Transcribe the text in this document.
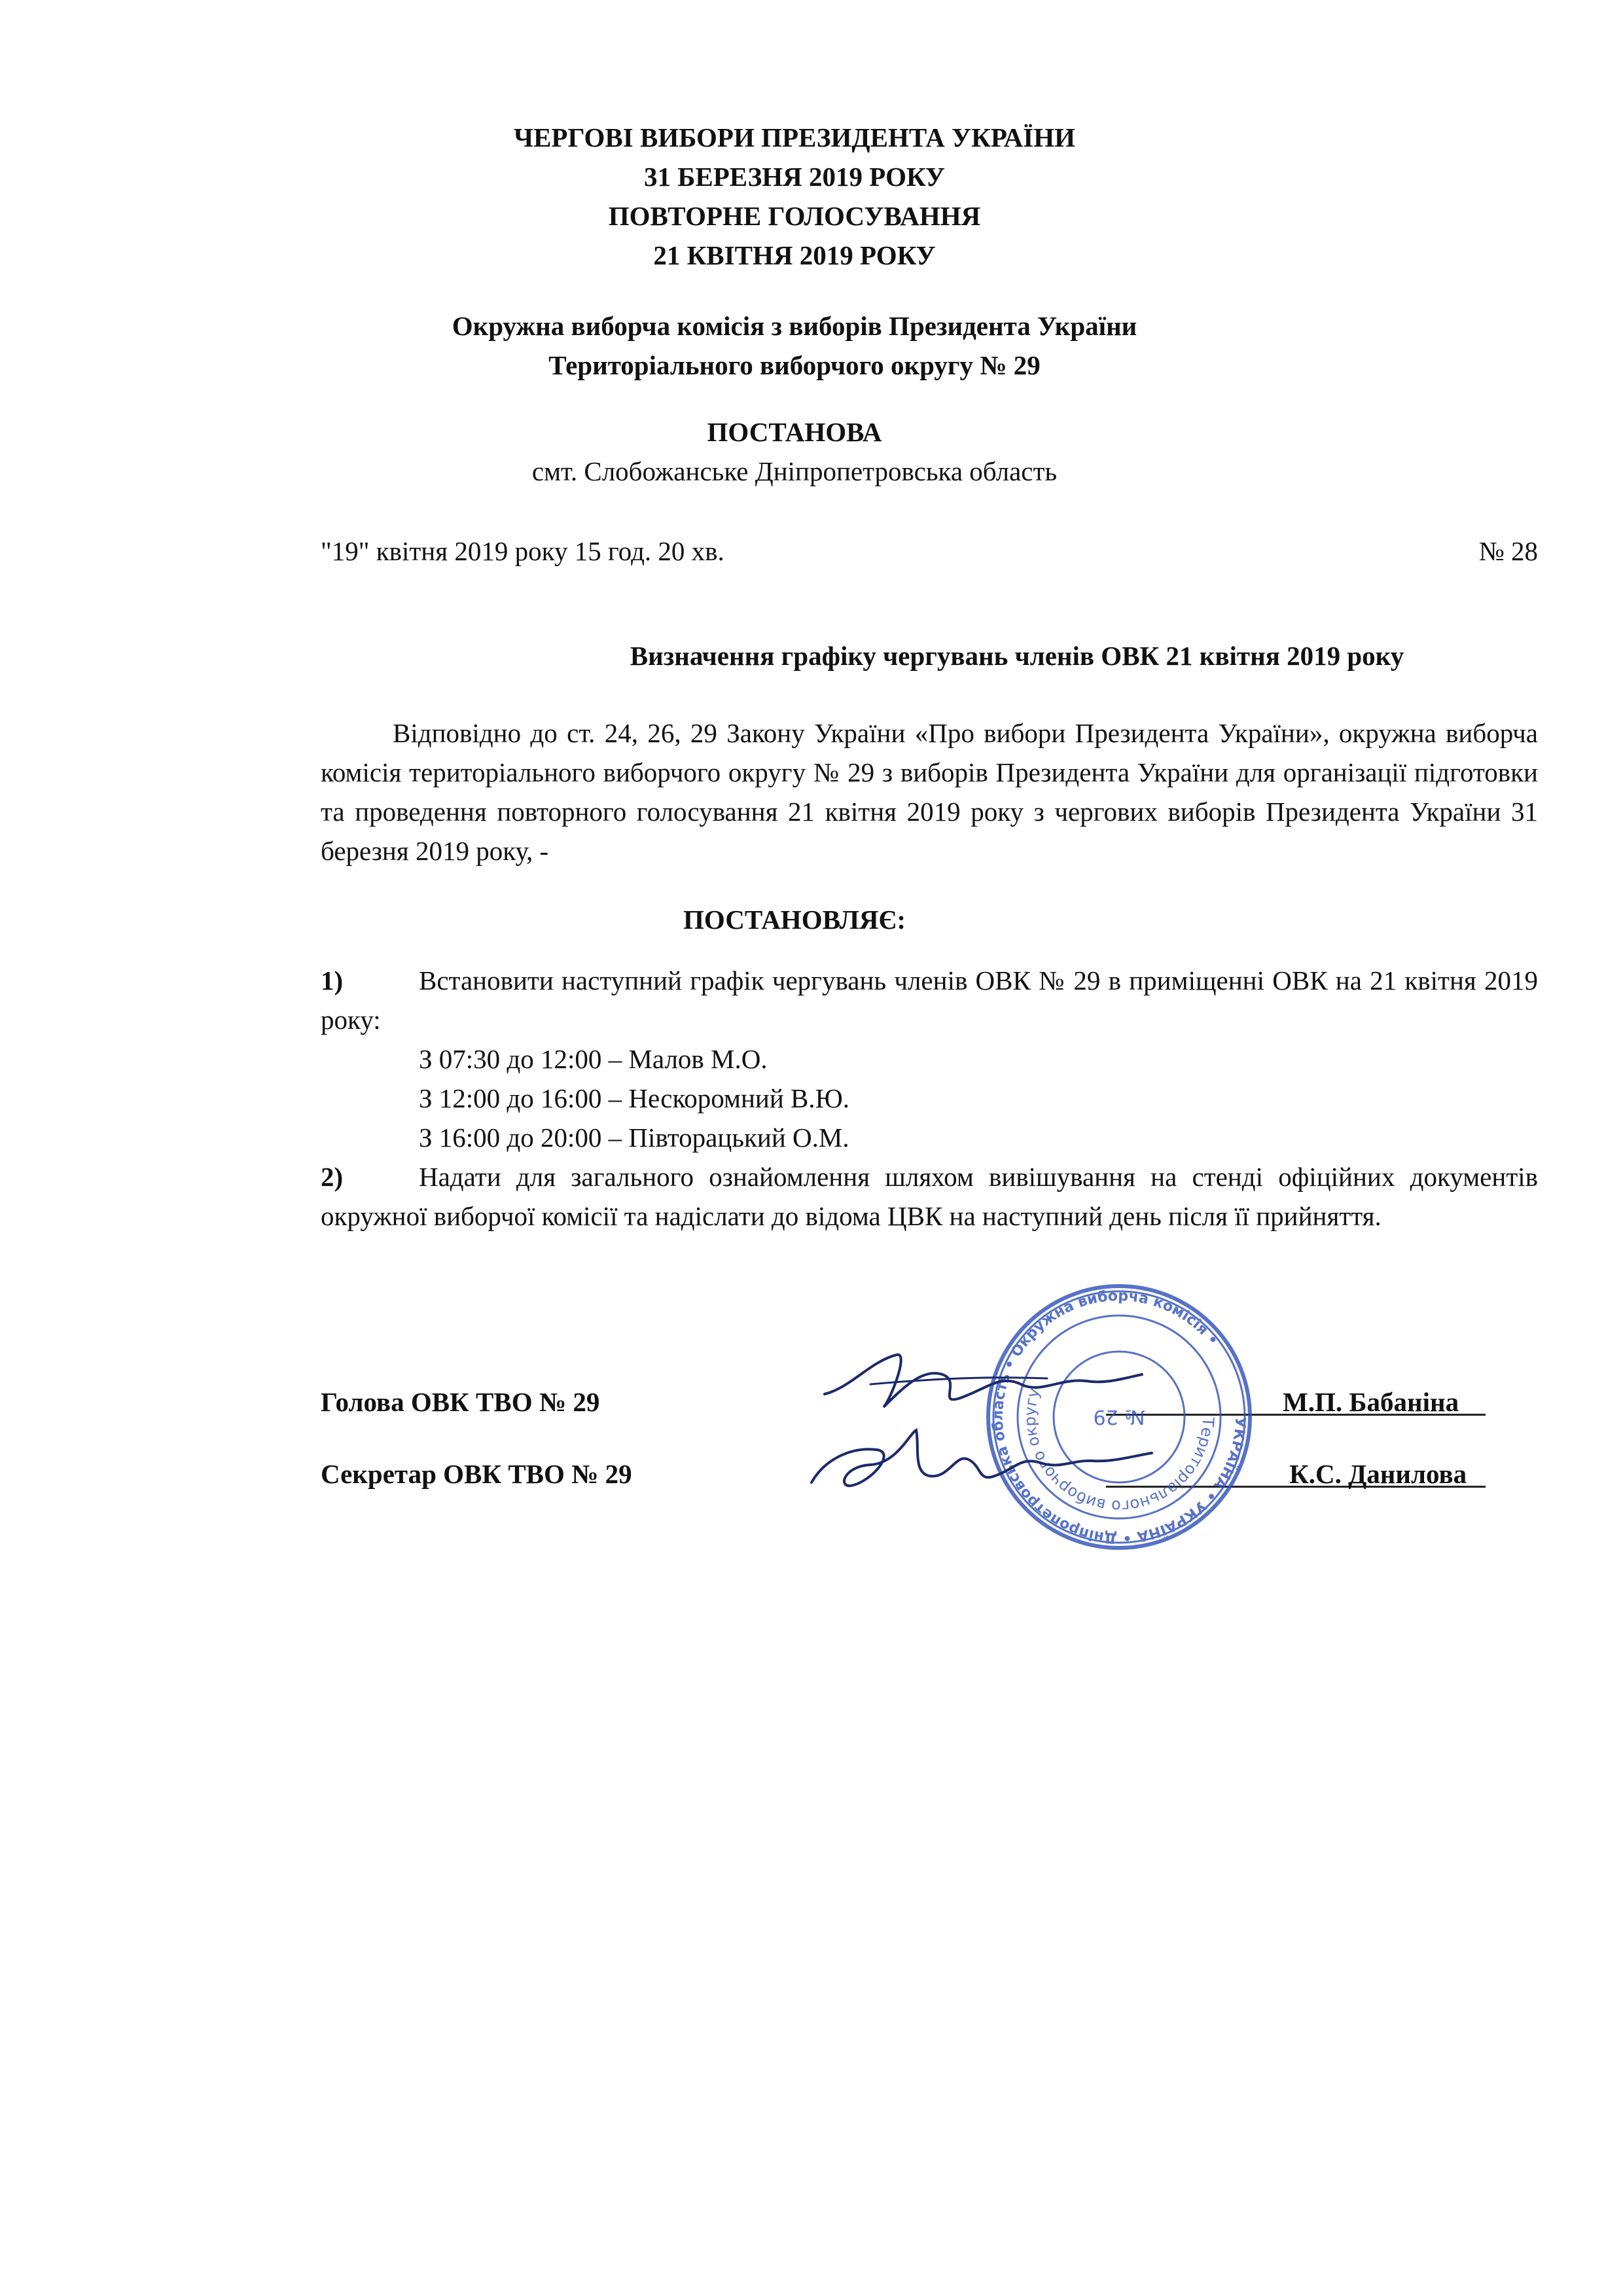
ЧЕРГОВІ ВИБОРИ ПРЕЗИДЕНТА УКРАЇНИ
31 БЕРЕЗНЯ 2019 РОКУ
ПОВТОРНЕ ГОЛОСУВАННЯ
21 КВІТНЯ 2019 РОКУ
Окружна виборча комісія з виборів Президента України
Територіального виборчого округу № 29
ПОСТАНОВА
смт. Слобожанське Дніпропетровська область
"19" квітня 2019 року 15 год. 20 хв.	№ 28
Визначення графіку чергувань членів ОВК 21 квітня 2019 року

Відповідно до ст. 24, 26, 29 Закону України «Про вибори Президента України», окружна виборча комісія територіального виборчого округу № 29 з виборів Президента України для організації підготовки та проведення повторного голосування 21 квітня 2019 року з чергових виборів Президента України 31 березня 2019 року, -

ПОСТАНОВЛЯЄ:
1)	Встановити наступний графік чергувань членів ОВК № 29 в приміщенні ОВК на 21 квітня 2019 року:
З 07:30 до 12:00 – Малов М.О.
З 12:00 до 16:00 – Нескоромний В.Ю.
З 16:00 до 20:00 – Півторацький О.М.
2)	Надати для загального ознайомлення шляхом вивішування на стенді офіційних документів окружної виборчої комісії та надіслати до відома ЦВК на наступний день після її прийняття.
Голова ОВК ТВО № 29	М.П. Бабаніна
Секретар ОВК ТВО № 29	К.С. Данилова
УКРАЇНА • УКРАЇНА • Дніпропетровська область • Окружна виборча комісія •
Територіального виборчого округу
№ 29
